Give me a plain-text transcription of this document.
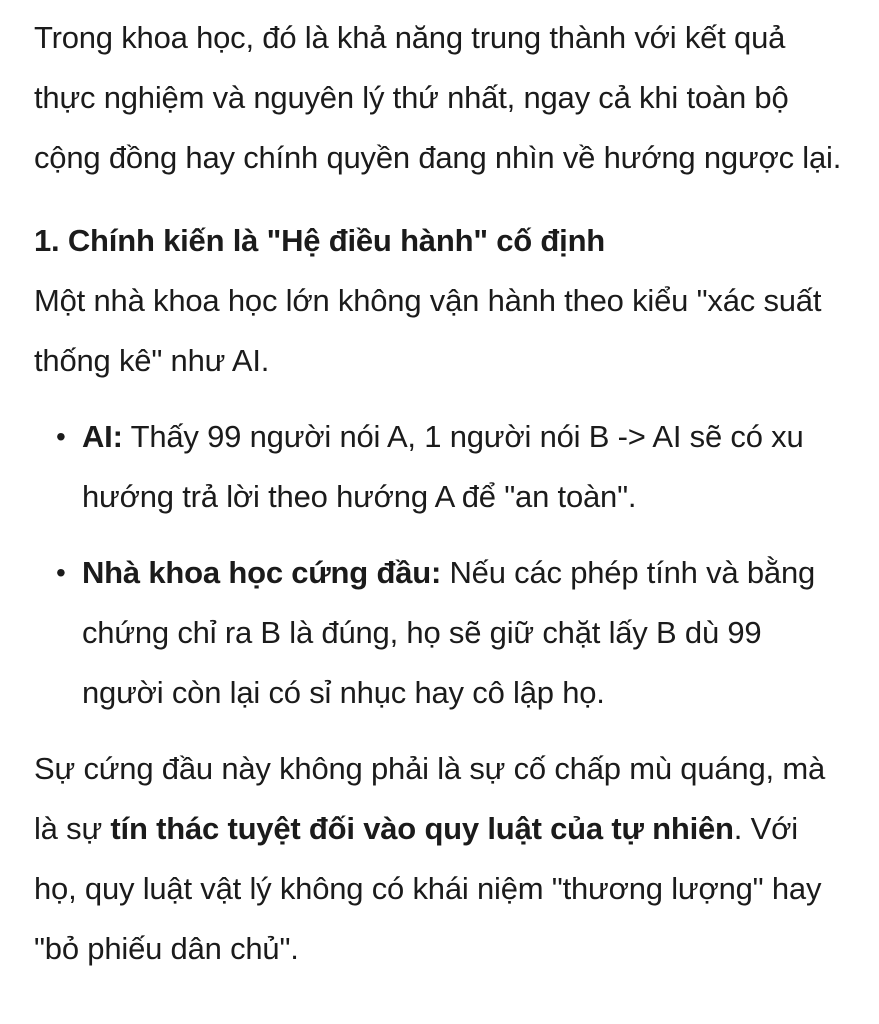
Trong khoa học, đó là khả năng trung thành với kết quả thực nghiệm và nguyên lý thứ nhất, ngay cả khi toàn bộ cộng đồng hay chính quyền đang nhìn về hướng ngược lại.

1. Chính kiến là "Hệ điều hành" cố định

Một nhà khoa học lớn không vận hành theo kiểu "xác suất thống kê" như AI.

• AI: Thấy 99 người nói A, 1 người nói B -> AI sẽ có xu hướng trả lời theo hướng A để "an toàn".
• Nhà khoa học cứng đầu: Nếu các phép tính và bằng chứng chỉ ra B là đúng, họ sẽ giữ chặt lấy B dù 99 người còn lại có sỉ nhục hay cô lập họ.

Sự cứng đầu này không phải là sự cố chấp mù quáng, mà là sự tín thác tuyệt đối vào quy luật của tự nhiên. Với họ, quy luật vật lý không có khái niệm "thương lượng" hay "bỏ phiếu dân chủ".
